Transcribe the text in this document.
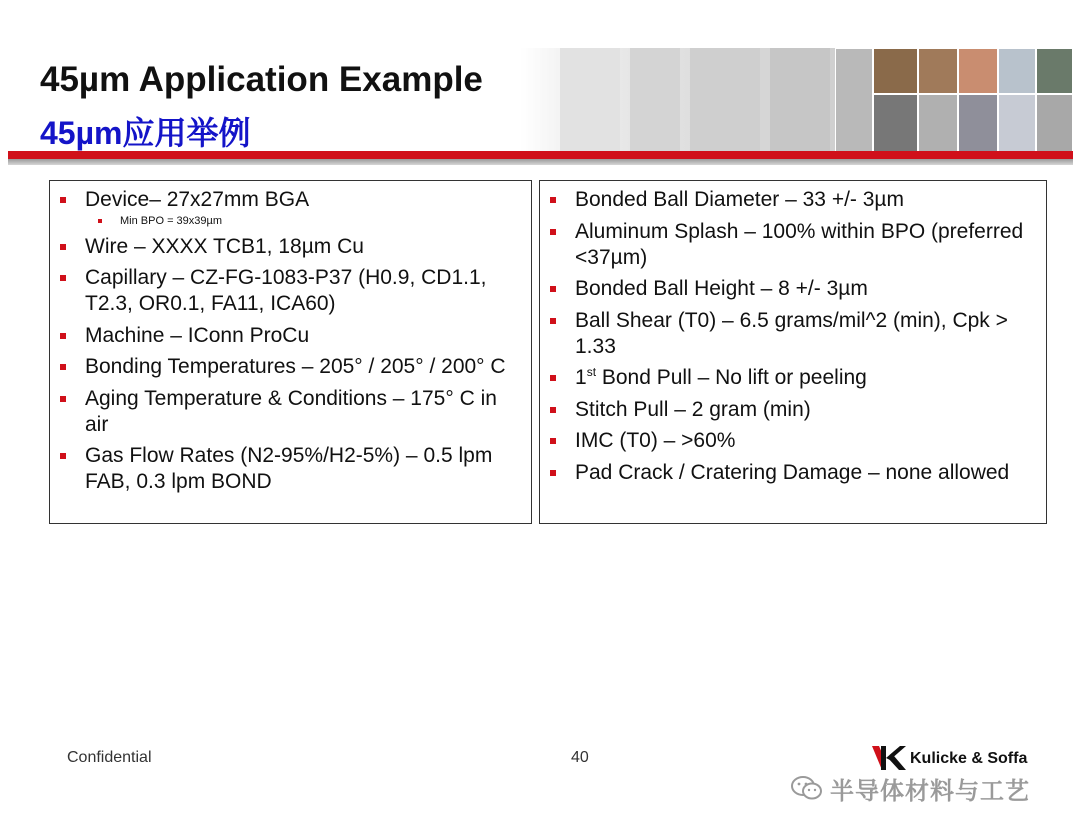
45µm Application Example
45µm应用举例
Device– 27x27mm BGA
Min BPO = 39x39µm
Wire – XXXX TCB1, 18µm Cu
Capillary – CZ-FG-1083-P37 (H0.9, CD1.1, T2.3, OR0.1, FA11, ICA60)
Machine – IConn ProCu
Bonding Temperatures – 205° / 205° / 200° C
Aging Temperature & Conditions – 175° C in air
Gas Flow Rates (N2-95%/H2-5%) – 0.5 lpm FAB, 0.3 lpm BOND
Bonded Ball Diameter – 33 +/- 3µm
Aluminum Splash – 100% within BPO (preferred <37µm)
Bonded Ball Height – 8 +/- 3µm
Ball Shear (T0) – 6.5 grams/mil^2 (min), Cpk > 1.33
1st Bond Pull – No lift or peeling
Stitch Pull – 2 gram (min)
IMC (T0) – >60%
Pad Crack / Cratering Damage – none allowed
Confidential	40	Kulicke & Soffa
半导体材料与工艺
